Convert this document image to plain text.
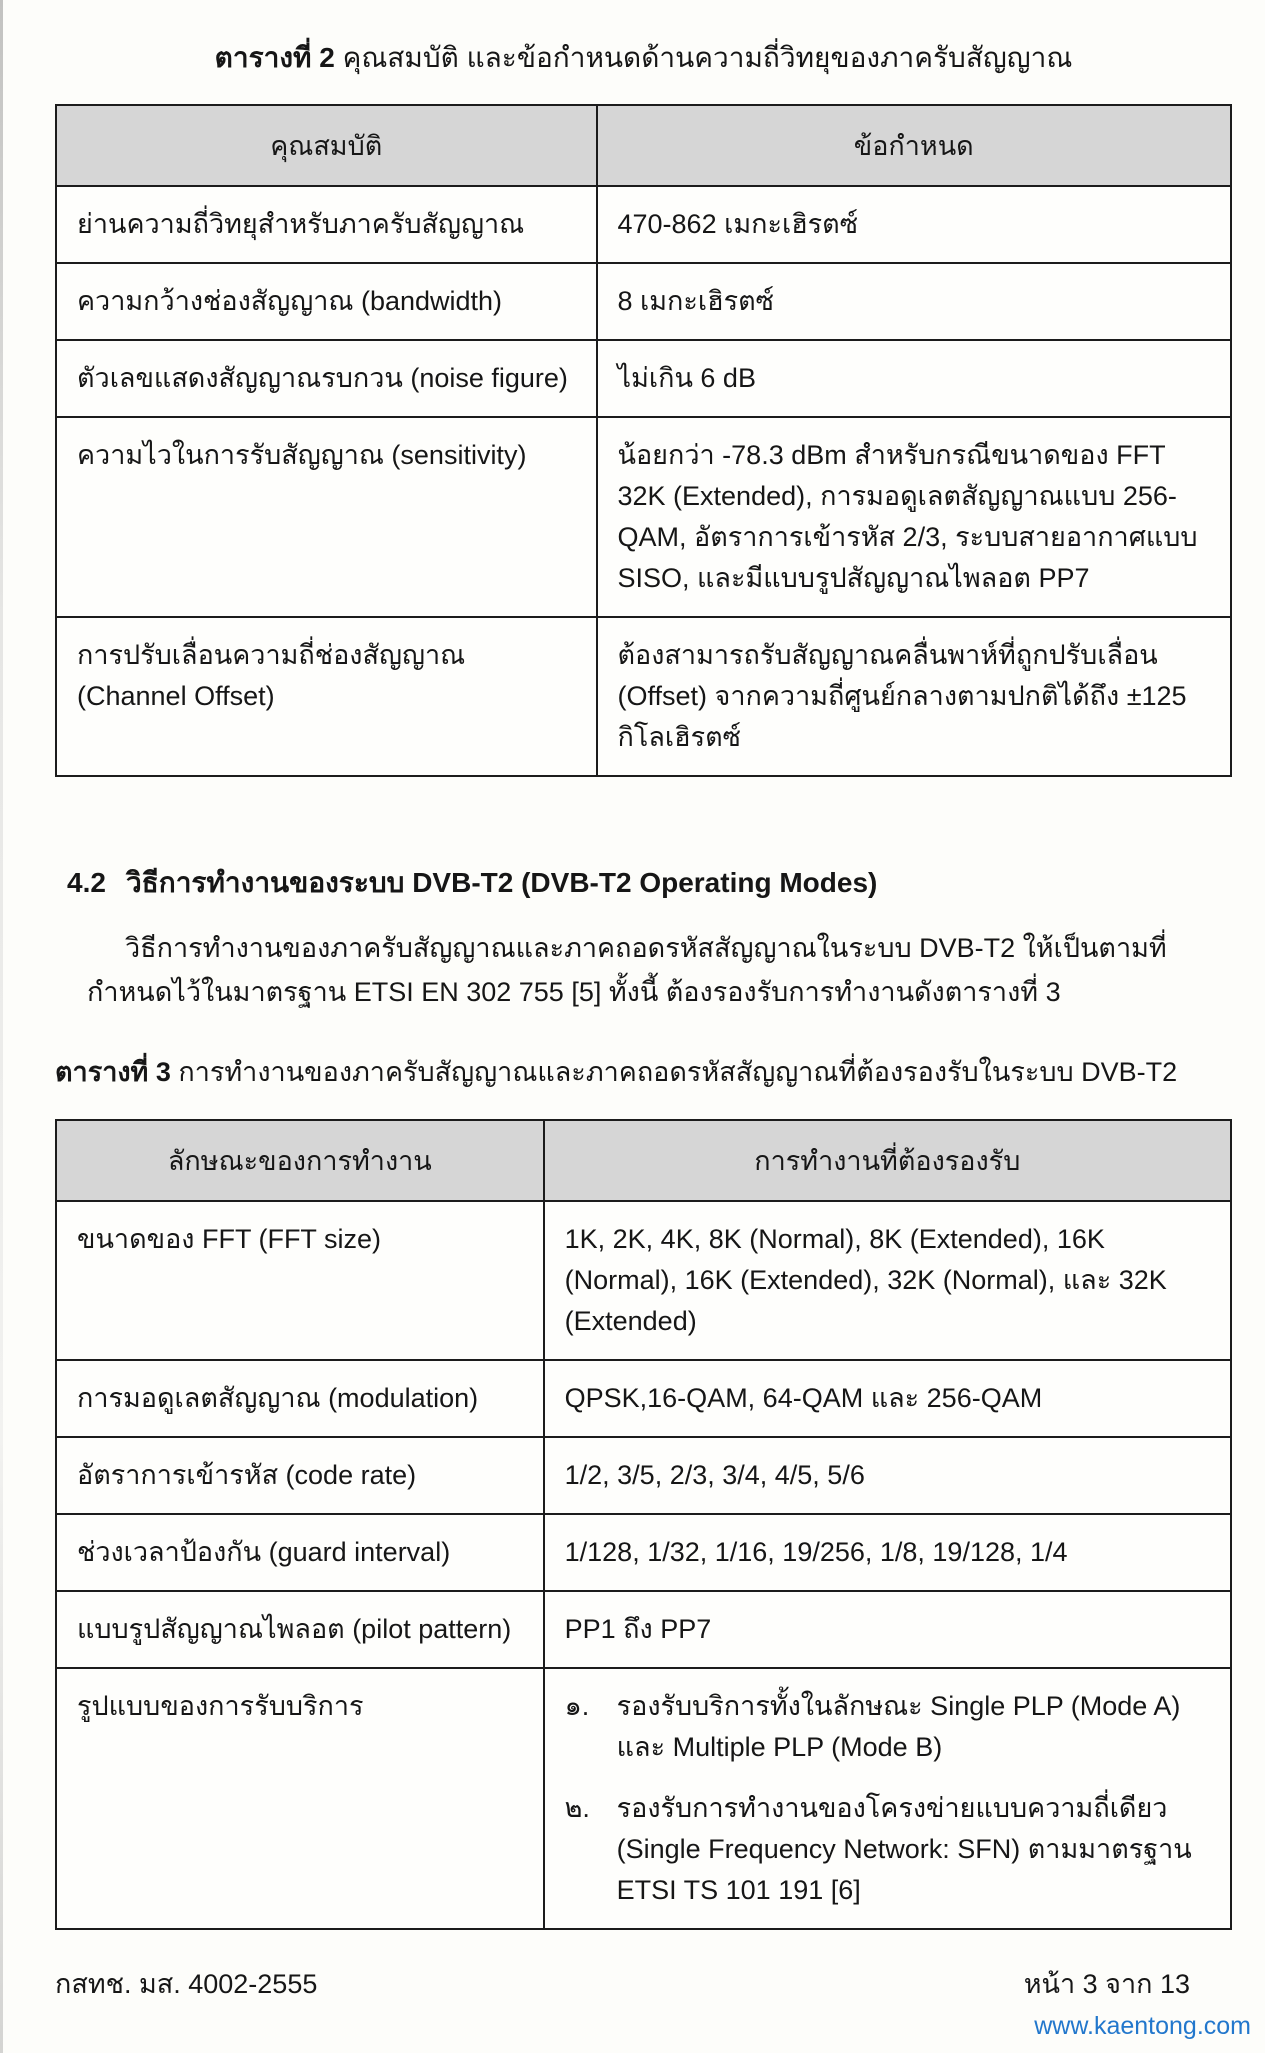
ตารางที่ 2 คุณสมบัติ และข้อกำหนดด้านความถี่วิทยุของภาครับสัญญาณ
คุณสมบัติ	ข้อกำหนด
ย่านความถี่วิทยุสำหรับภาครับสัญญาณ	470-862 เมกะเฮิรตซ์
ความกว้างช่องสัญญาณ (bandwidth)	8 เมกะเฮิรตซ์
ตัวเลขแสดงสัญญาณรบกวน (noise figure)	ไม่เกิน 6 dB
ความไวในการรับสัญญาณ (sensitivity)	น้อยกว่า -78.3 dBm สำหรับกรณีขนาดของ FFT 32K (Extended), การมอดูเลตสัญญาณแบบ 256-QAM, อัตราการเข้ารหัส 2/3, ระบบสายอากาศแบบ SISO, และมีแบบรูปสัญญาณไพลอต PP7
การปรับเลื่อนความถี่ช่องสัญญาณ (Channel Offset)	ต้องสามารถรับสัญญาณคลื่นพาห์ที่ถูกปรับเลื่อน (Offset) จากความถี่ศูนย์กลางตามปกติได้ถึง ±125 กิโลเฮิรตซ์
4.2 วิธีการทำงานของระบบ DVB-T2 (DVB-T2 Operating Modes)

วิธีการทำงานของภาครับสัญญาณและภาคถอดรหัสสัญญาณในระบบ DVB-T2 ให้เป็นตามที่กำหนดไว้ในมาตรฐาน ETSI EN 302 755 [5] ทั้งนี้ ต้องรองรับการทำงานดังตารางที่ 3

ตารางที่ 3 การทำงานของภาครับสัญญาณและภาคถอดรหัสสัญญาณที่ต้องรองรับในระบบ DVB-T2
ลักษณะของการทำงาน	การทำงานที่ต้องรองรับ
ขนาดของ FFT (FFT size)	1K, 2K, 4K, 8K (Normal), 8K (Extended), 16K (Normal), 16K (Extended), 32K (Normal), และ 32K (Extended)
การมอดูเลตสัญญาณ (modulation)	QPSK,16-QAM, 64-QAM และ 256-QAM
อัตราการเข้ารหัส (code rate)	1/2, 3/5, 2/3, 3/4, 4/5, 5/6
ช่วงเวลาป้องกัน (guard interval)	1/128, 1/32, 1/16, 19/256, 1/8, 19/128, 1/4
แบบรูปสัญญาณไพลอต (pilot pattern)	PP1 ถึง PP7
รูปแบบของการรับบริการ	๑. รองรับบริการทั้งในลักษณะ Single PLP (Mode A) และ Multiple PLP (Mode B)
๒. รองรับการทำงานของโครงข่ายแบบความถี่เดียว (Single Frequency Network: SFN) ตามมาตรฐาน ETSI TS 101 191 [6]
กสทช. มส. 4002-2555	หน้า 3 จาก 13
www.kaentong.com
